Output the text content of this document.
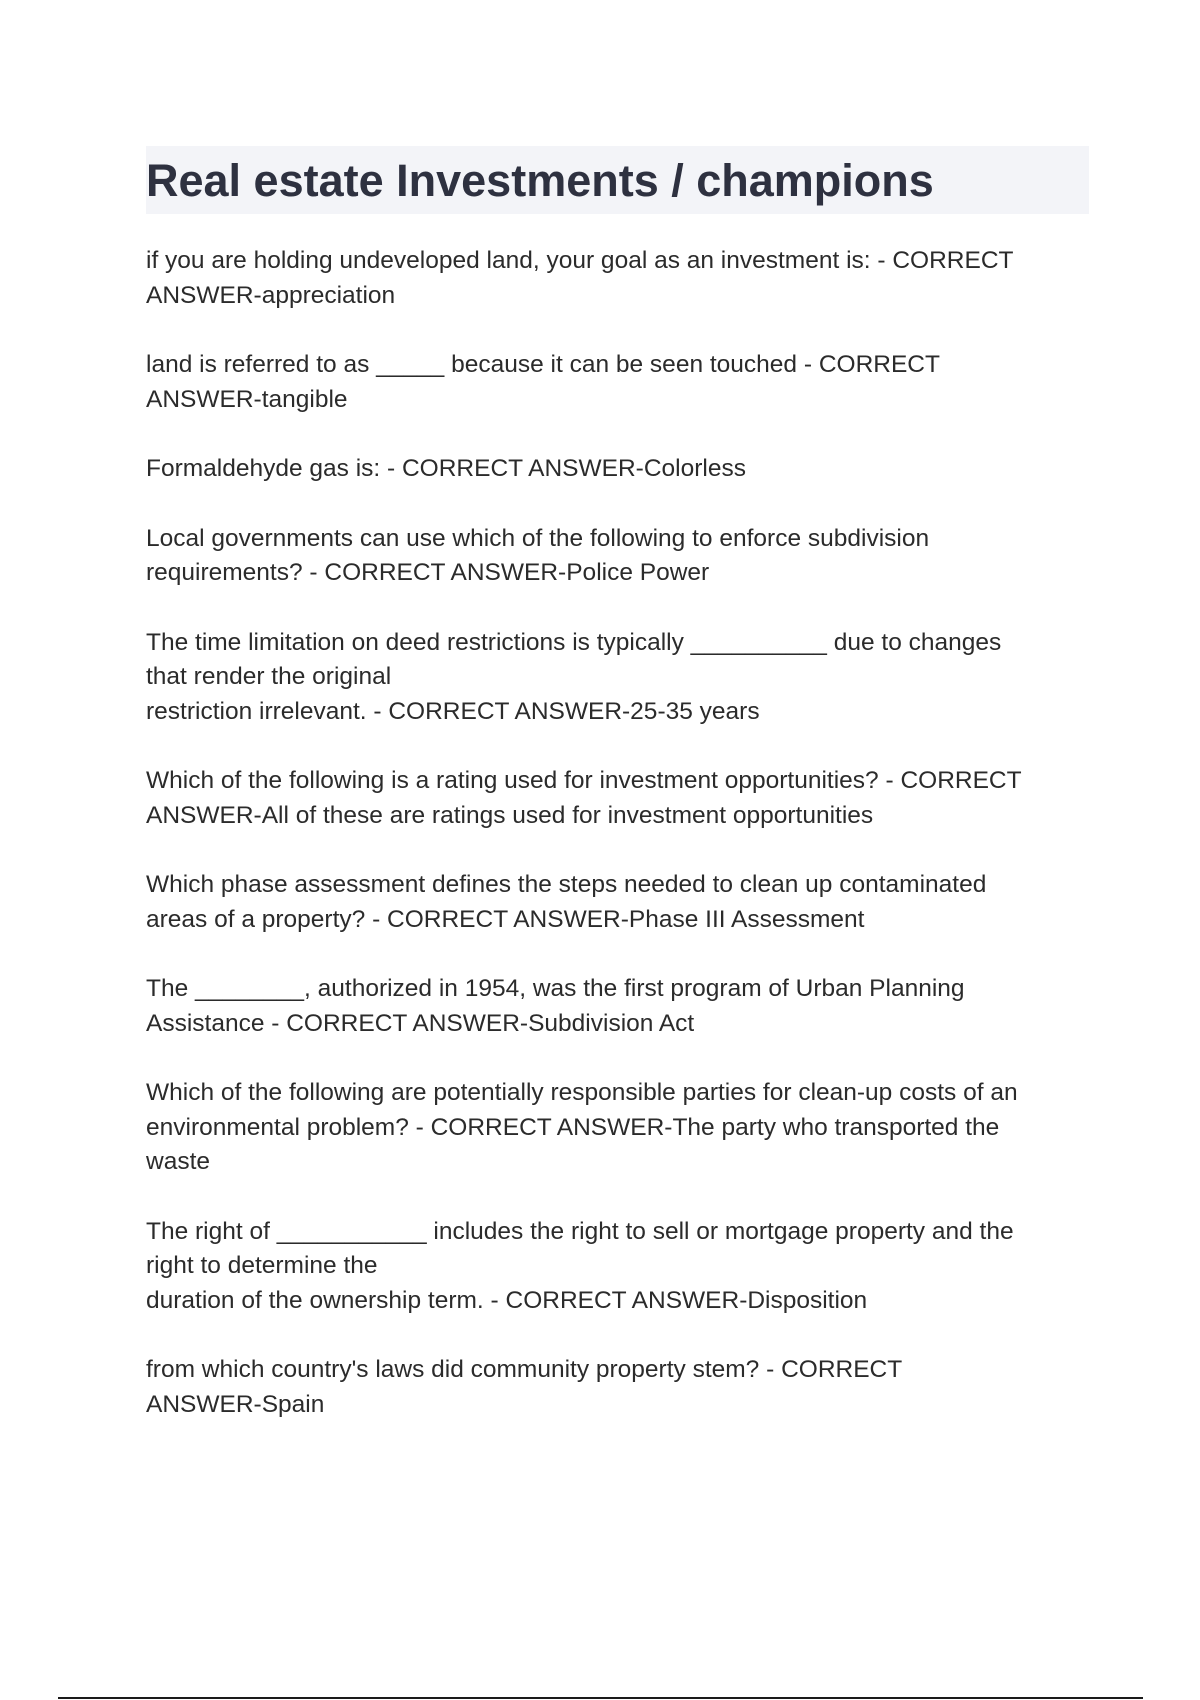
Real estate Investments / champions

if you are holding undeveloped land, your goal as an investment is: - CORRECT
ANSWER-appreciation

land is referred to as _____ because it can be seen touched - CORRECT
ANSWER-tangible

Formaldehyde gas is: - CORRECT ANSWER-Colorless

Local governments can use which of the following to enforce subdivision
requirements? - CORRECT ANSWER-Police Power

The time limitation on deed restrictions is typically __________ due to changes
that render the original
restriction irrelevant. - CORRECT ANSWER-25-35 years

Which of the following is a rating used for investment opportunities? - CORRECT
ANSWER-All of these are ratings used for investment opportunities

Which phase assessment defines the steps needed to clean up contaminated
areas of a property? - CORRECT ANSWER-Phase III Assessment

The ________, authorized in 1954, was the first program of Urban Planning
Assistance - CORRECT ANSWER-Subdivision Act

Which of the following are potentially responsible parties for clean-up costs of an
environmental problem? - CORRECT ANSWER-The party who transported the
waste

The right of ___________ includes the right to sell or mortgage property and the
right to determine the
duration of the ownership term. - CORRECT ANSWER-Disposition

from which country's laws did community property stem? - CORRECT
ANSWER-Spain
